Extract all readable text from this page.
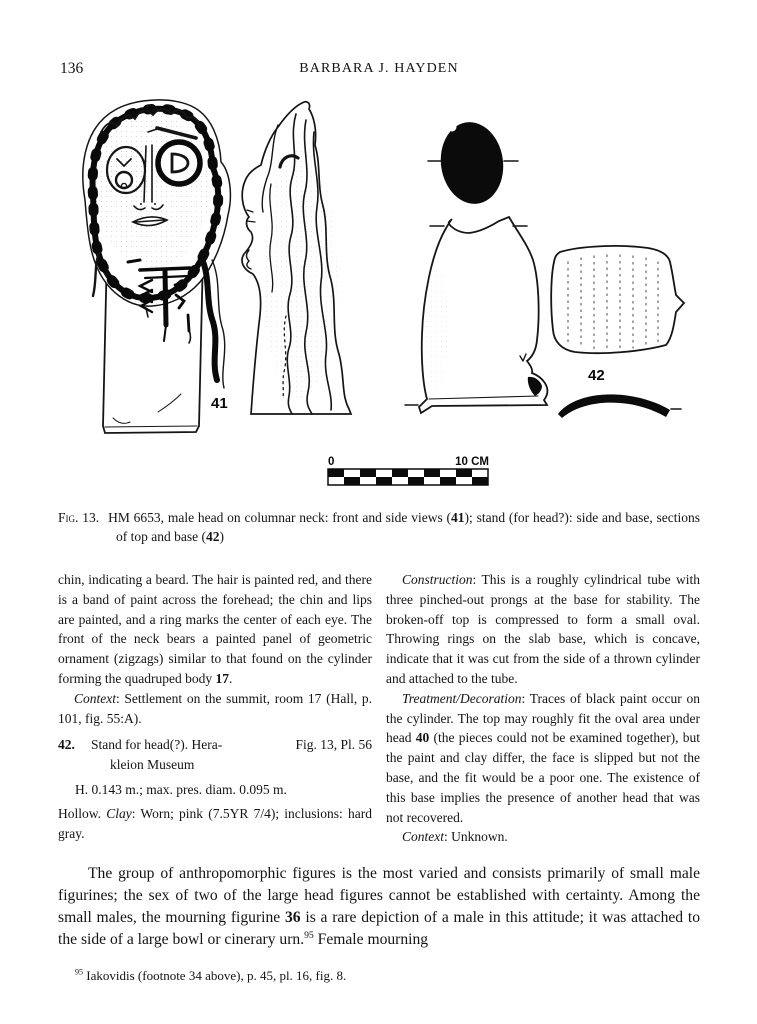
136	BARBARA J. HAYDEN
41
42
0	10 CM
Fig. 13. HM 6653, male head on columnar neck: front and side views (41); stand (for head?): side and base, sections of top and base (42)

chin, indicating a beard. The hair is painted red, and there is a band of paint across the forehead; the chin and lips are painted, and a ring marks the center of each eye. The front of the neck bears a painted panel of geometric ornament (zigzags) similar to that found on the cylinder forming the quadruped body 17.

Context: Settlement on the summit, room 17 (Hall, p. 101, fig. 55:A).

42.	Stand for head(?). Hera-	Fig. 13, Pl. 56
kleion Museum
H. 0.143 m.; max. pres. diam. 0.095 m.
Hollow. Clay: Worn; pink (7.5YR 7/4); inclusions: hard gray.

Construction: This is a roughly cylindrical tube with three pinched-out prongs at the base for stability. The broken-off top is compressed to form a small oval. Throwing rings on the slab base, which is concave, indicate that it was cut from the side of a thrown cylinder and attached to the tube.

Treatment/Decoration: Traces of black paint occur on the cylinder. The top may roughly fit the oval area under head 40 (the pieces could not be examined together), but the paint and clay differ, the face is slipped but not the base, and the fit would be a poor one. The existence of this base implies the presence of another head that was not recovered.

Context: Unknown.

The group of anthropomorphic figures is the most varied and consists primarily of small male figurines; the sex of two of the large head figures cannot be established with certainty. Among the small males, the mourning figurine 36 is a rare depiction of a male in this attitude; it was attached to the side of a large bowl or cinerary urn.$^{95}$ Female mourning

$^{95}$ Iakovidis (footnote 34 above), p. 45, pl. 16, fig. 8.
